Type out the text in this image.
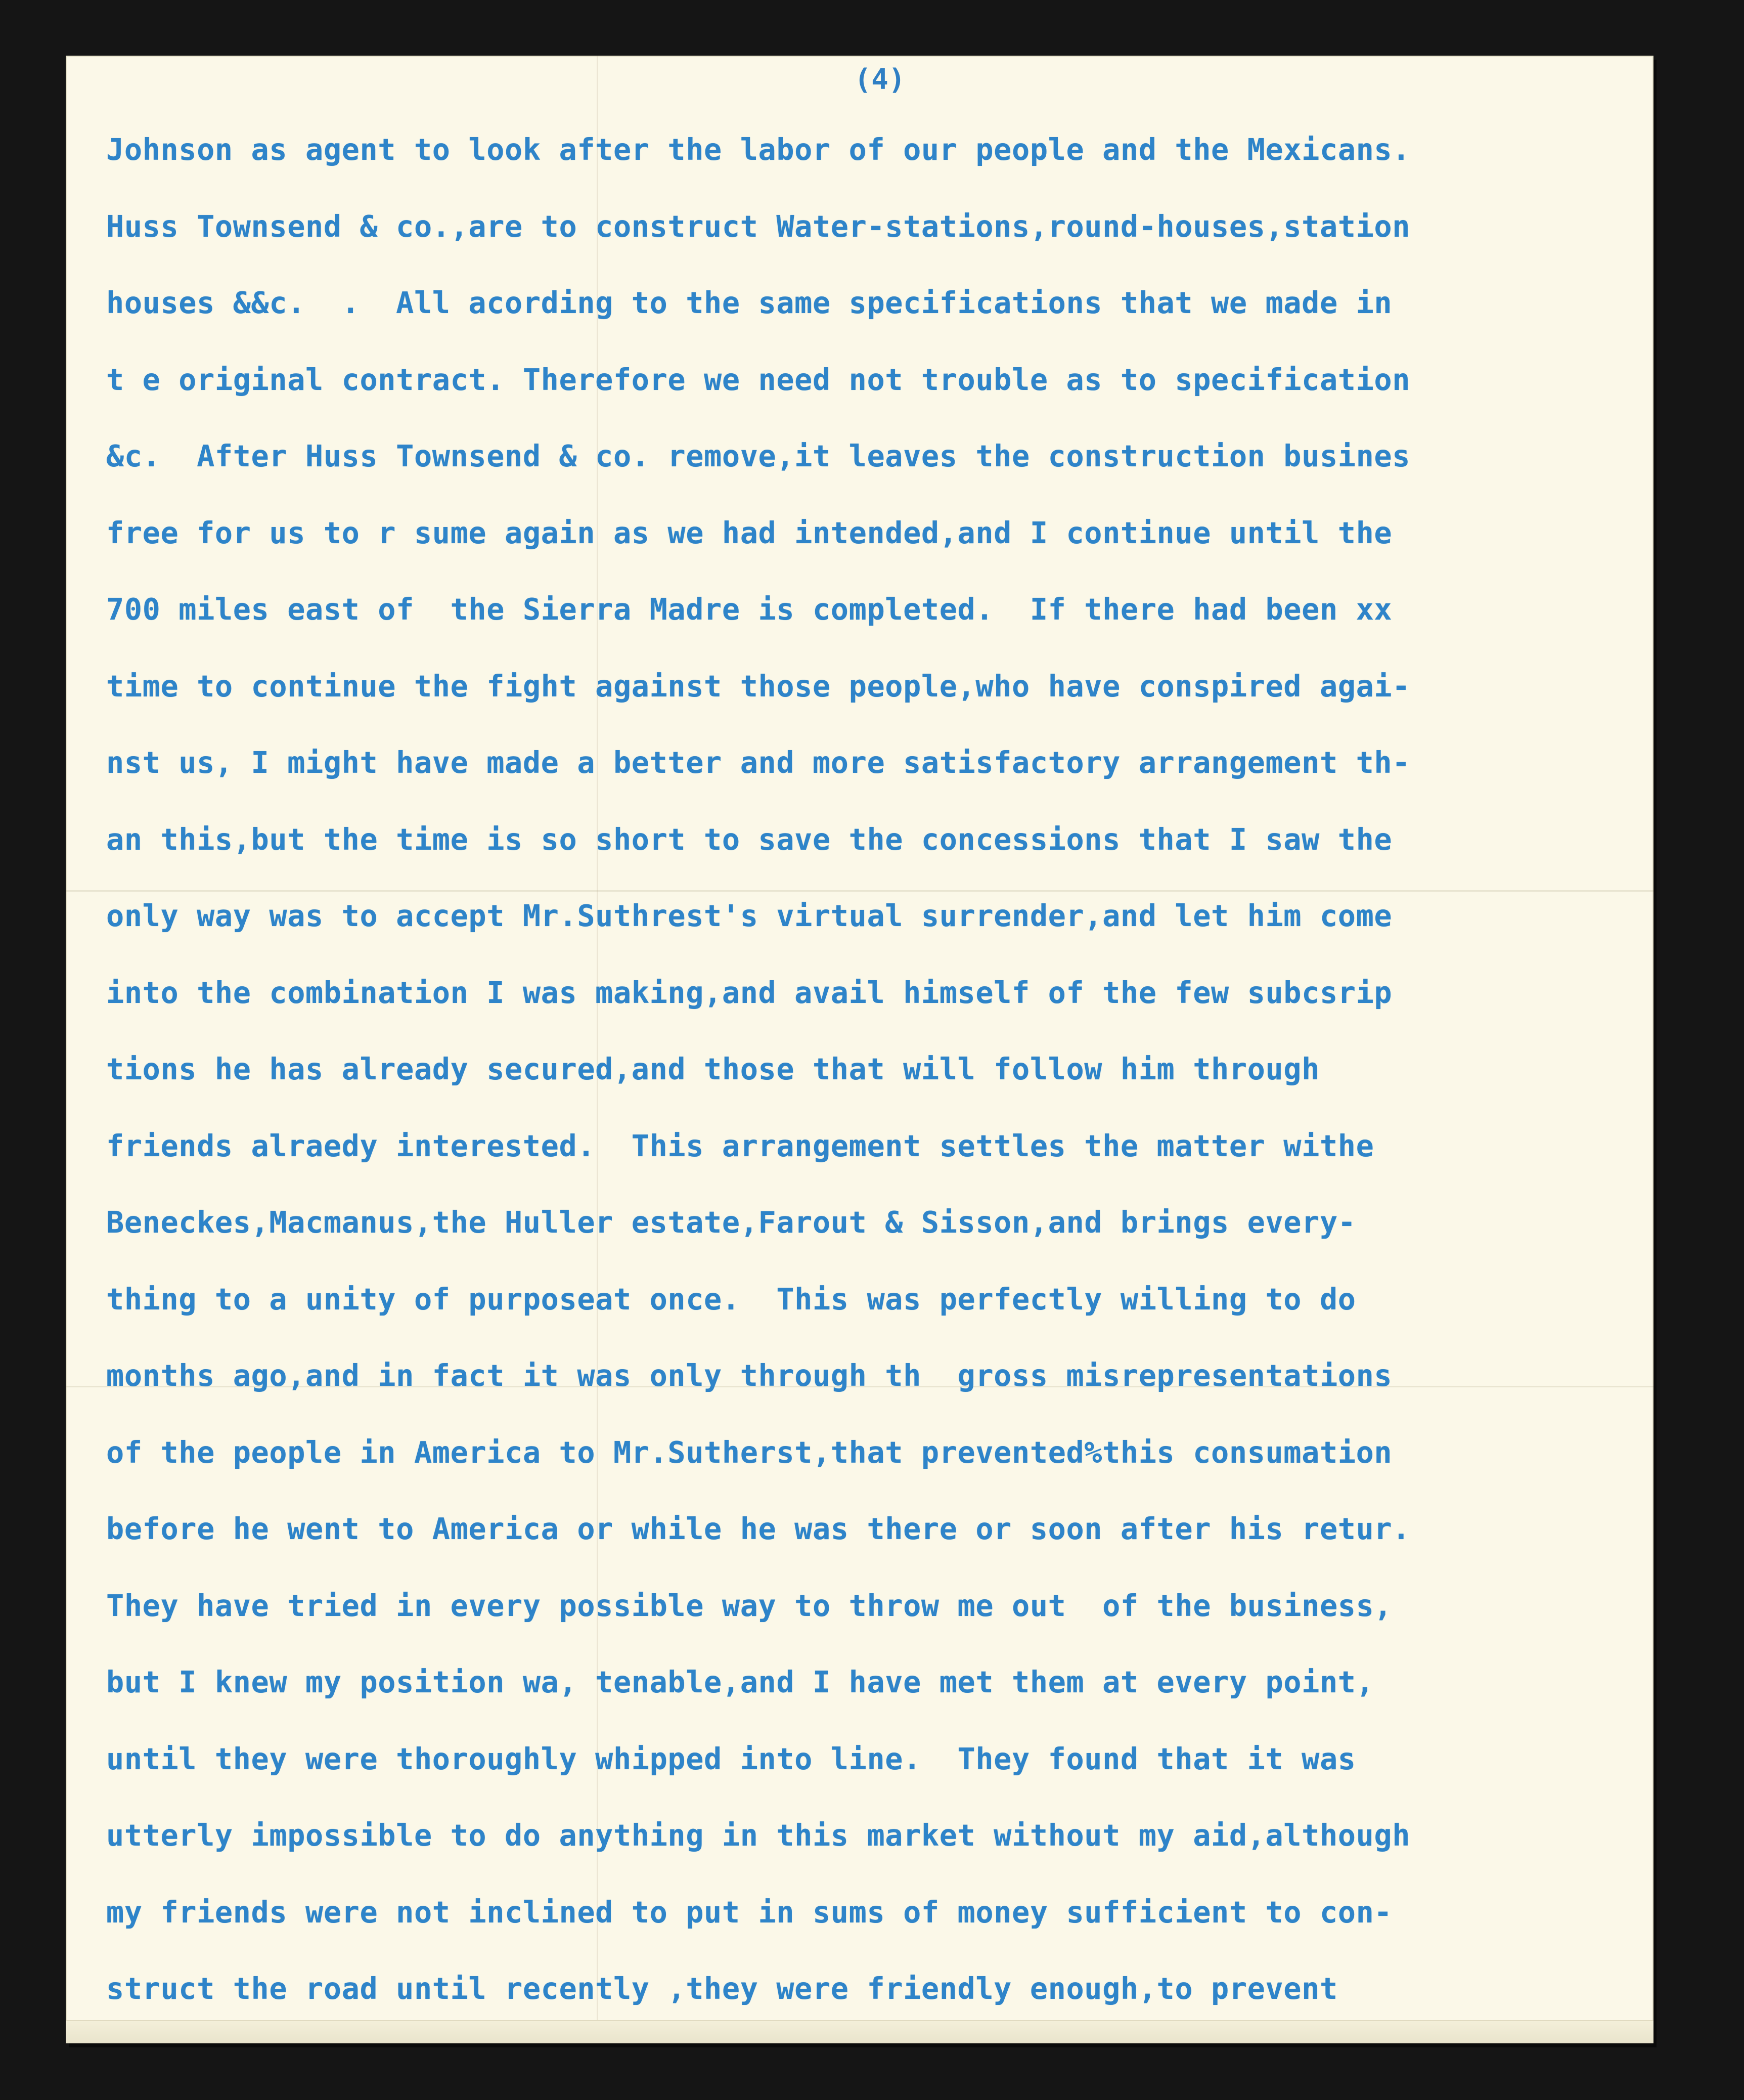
(4)
Johnson as agent to look after the labor of our people and the Mexicans.
Huss Townsend & co.,are to construct Water-stations,round-houses,station
houses &&c.  .  All acording to the same specifications that we made in
t e original contract. Therefore we need not trouble as to specification
&c.  After Huss Townsend & co. remove,it leaves the construction busines
free for us to r sume again as we had intended,and I continue until the
700 miles east of  the Sierra Madre is completed.  If there had been xx
time to continue the fight against those people,who have conspired agai-
nst us, I might have made a better and more satisfactory arrangement th-
an this,but the time is so short to save the concessions that I saw the
only way was to accept Mr.Suthrest's virtual surrender,and let him come
into the combination I was making,and avail himself of the few subcsrip
tions he has already secured,and those that will follow him through
friends alraedy interested.  This arrangement settles the matter withe
Beneckes,Macmanus,the Huller estate,Farout & Sisson,and brings every-
thing to a unity of purposeat once.  This was perfectly willing to do
months ago,and in fact it was only through th  gross misrepresentations
of the people in America to Mr.Sutherst,that prevented%this consumation
before he went to America or while he was there or soon after his retur.
They have tried in every possible way to throw me out  of the business,
but I knew my position wa, tenable,and I have met them at every point,
until they were thoroughly whipped into line.  They found that it was
utterly impossible to do anything in this market without my aid,although
my friends were not inclined to put in sums of money sufficient to con-
struct the road until recently ,they were friendly enough,to prevent
